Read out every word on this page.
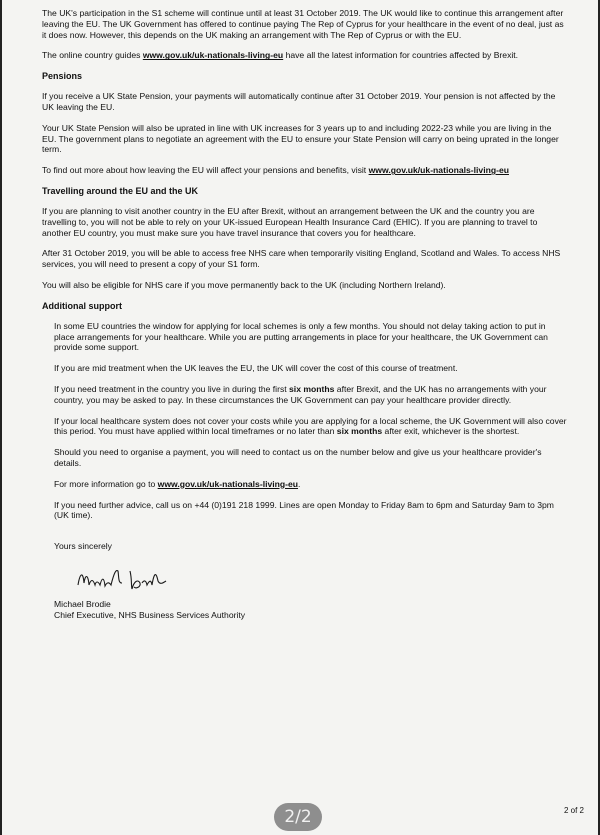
The UK's participation in the S1 scheme will continue until at least 31 October 2019. The UK would like to continue this arrangement after leaving the EU. The UK Government has offered to continue paying The Rep of Cyprus for your healthcare in the event of no deal, just as it does now. However, this depends on the UK making an arrangement with The Rep of Cyprus or with the EU.

The online country guides www.gov.uk/uk-nationals-living-eu have all the latest information for countries affected by Brexit.

Pensions

If you receive a UK State Pension, your payments will automatically continue after 31 October 2019. Your pension is not affected by the UK leaving the EU.

Your UK State Pension will also be uprated in line with UK increases for 3 years up to and including 2022-23 while you are living in the EU. The government plans to negotiate an agreement with the EU to ensure your State Pension will carry on being uprated in the longer term.

To find out more about how leaving the EU will affect your pensions and benefits, visit www.gov.uk/uk-nationals-living-eu

Travelling around the EU and the UK

If you are planning to visit another country in the EU after Brexit, without an arrangement between the UK and the country you are travelling to, you will not be able to rely on your UK-issued European Health Insurance Card (EHIC). If you are planning to travel to another EU country, you must make sure you have travel insurance that covers you for healthcare.

After 31 October 2019, you will be able to access free NHS care when temporarily visiting England, Scotland and Wales. To access NHS services, you will need to present a copy of your S1 form.

You will also be eligible for NHS care if you move permanently back to the UK (including Northern Ireland).

Additional support

In some EU countries the window for applying for local schemes is only a few months. You should not delay taking action to put in place arrangements for your healthcare. While you are putting arrangements in place for your healthcare, the UK Government can provide some support.

If you are mid treatment when the UK leaves the EU, the UK will cover the cost of this course of treatment.

If you need treatment in the country you live in during the first six months after Brexit, and the UK has no arrangements with your country, you may be asked to pay. In these circumstances the UK Government can pay your healthcare provider directly.

If your local healthcare system does not cover your costs while you are applying for a local scheme, the UK Government will also cover this period. You must have applied within local timeframes or no later than six months after exit, whichever is the shortest.

Should you need to organise a payment, you will need to contact us on the number below and give us your healthcare provider's details.

For more information go to www.gov.uk/uk-nationals-living-eu.

If you need further advice, call us on +44 (0)191 218 1999. Lines are open Monday to Friday 8am to 6pm and Saturday 9am to 3pm (UK time).

Yours sincerely
Michael Brodie
Chief Executive, NHS Business Services Authority
2 of 2
2/2
